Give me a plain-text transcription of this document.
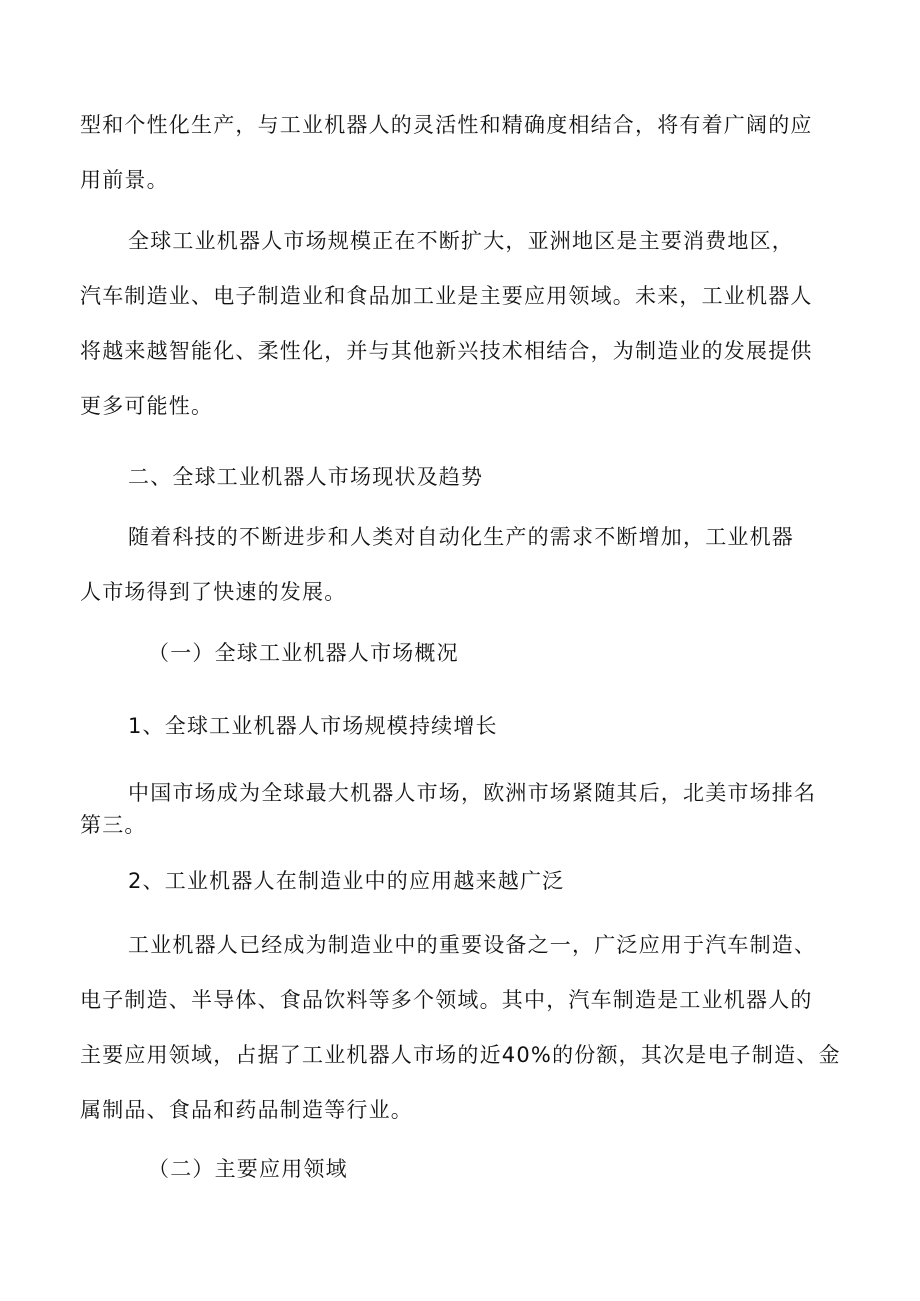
型和个性化生产，与工业机器人的灵活性和精确度相结合，将有着广阔的应
用前景。
全球工业机器人市场规模正在不断扩大，亚洲地区是主要消费地区，
汽车制造业、电子制造业和食品加工业是主要应用领域。未来，工业机器人
将越来越智能化、柔性化，并与其他新兴技术相结合，为制造业的发展提供
更多可能性。
二、全球工业机器人市场现状及趋势
随着科技的不断进步和人类对自动化生产的需求不断增加，工业机器
人市场得到了快速的发展。
（一）全球工业机器人市场概况
1、全球工业机器人市场规模持续增长
中国市场成为全球最大机器人市场，欧洲市场紧随其后，北美市场排名
第三。
2、工业机器人在制造业中的应用越来越广泛
工业机器人已经成为制造业中的重要设备之一，广泛应用于汽车制造、
电子制造、半导体、食品饮料等多个领域。其中，汽车制造是工业机器人的
主要应用领域，占据了工业机器人市场的近40%的份额，其次是电子制造、金
属制品、食品和药品制造等行业。
（二）主要应用领域
